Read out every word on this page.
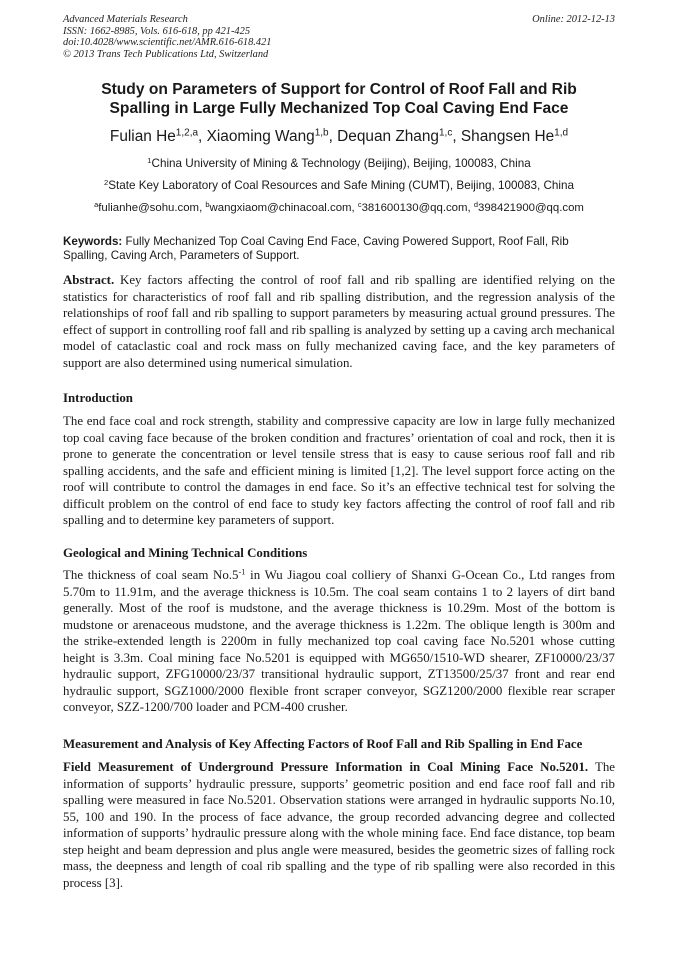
Advanced Materials Research
ISSN: 1662-8985, Vols. 616-618, pp 421-425
doi:10.4028/www.scientific.net/AMR.616-618.421
© 2013 Trans Tech Publications Ltd, Switzerland
Online: 2012-12-13
Study on Parameters of Support for Control of Roof Fall and Rib
Spalling in Large Fully Mechanized Top Coal Caving End Face
Fulian He$^{1,2,a}$, Xiaoming Wang$^{1,b}$, Dequan Zhang$^{1,c}$, Shangsen He$^{1,d}$
$^1$China University of Mining & Technology (Beijing), Beijing, 100083, China
$^2$State Key Laboratory of Coal Resources and Safe Mining (CUMT), Beijing, 100083, China
$^a$fulianhe@sohu.com, $^b$wangxiaom@chinacoal.com, $^c$381600130@qq.com, $^d$398421900@qq.com
Keywords: Fully Mechanized Top Coal Caving End Face, Caving Powered Support, Roof Fall, Rib Spalling, Caving Arch, Parameters of Support.
Abstract. Key factors affecting the control of roof fall and rib spalling are identified relying on the statistics for characteristics of roof fall and rib spalling distribution, and the regression analysis of the relationships of roof fall and rib spalling to support parameters by measuring actual ground pressures. The effect of support in controlling roof fall and rib spalling is analyzed by setting up a caving arch mechanical model of cataclastic coal and rock mass on fully mechanized caving face, and the key parameters of support are also determined using numerical simulation.
Introduction
The end face coal and rock strength, stability and compressive capacity are low in large fully mechanized top coal caving face because of the broken condition and fractures’ orientation of coal and rock, then it is prone to generate the concentration or level tensile stress that is easy to cause serious roof fall and rib spalling accidents, and the safe and efficient mining is limited [1,2]. The level support force acting on the roof will contribute to control the damages in end face. So it’s an effective technical test for solving the difficult problem on the control of end face to study key factors affecting the control of roof fall and rib spalling and to determine key parameters of support.
Geological and Mining Technical Conditions
The thickness of coal seam $No.5^{-1}$ in Wu Jiagou coal colliery of Shanxi G-Ocean Co., Ltd ranges from 5.70m to 11.91m, and the average thickness is 10.5m. The coal seam contains 1 to 2 layers of dirt band generally. Most of the roof is mudstone, and the average thickness is 10.29m. Most of the bottom is mudstone or arenaceous mudstone, and the average thickness is 1.22m. The oblique length is 300m and the strike-extended length is 2200m in fully mechanized top coal caving face No.5201 whose cutting height is 3.3m. Coal mining face No.5201 is equipped with MG650/1510-WD shearer, ZF10000/23/37 hydraulic support, ZFG10000/23/37 transitional hydraulic support, ZT13500/25/37 front and rear end hydraulic support, SGZ1000/2000 flexible front scraper conveyor, SGZ1200/2000 flexible rear scraper conveyor, SZZ-1200/700 loader and PCM-400 crusher.
Measurement and Analysis of Key Affecting Factors of Roof Fall and Rib Spalling in End Face
Field Measurement of Underground Pressure Information in Coal Mining Face No.5201. The information of supports’ hydraulic pressure, supports’ geometric position and end face roof fall and rib spalling were measured in face No.5201. Observation stations were arranged in hydraulic supports No.10, 55, 100 and 190. In the process of face advance, the group recorded advancing degree and collected information of supports’ hydraulic pressure along with the whole mining face. End face distance, top beam step height and beam depression and plus angle were measured, besides the geometric sizes of falling rock mass, the deepness and length of coal rib spalling and the type of rib spalling were also recorded in this process [3].
